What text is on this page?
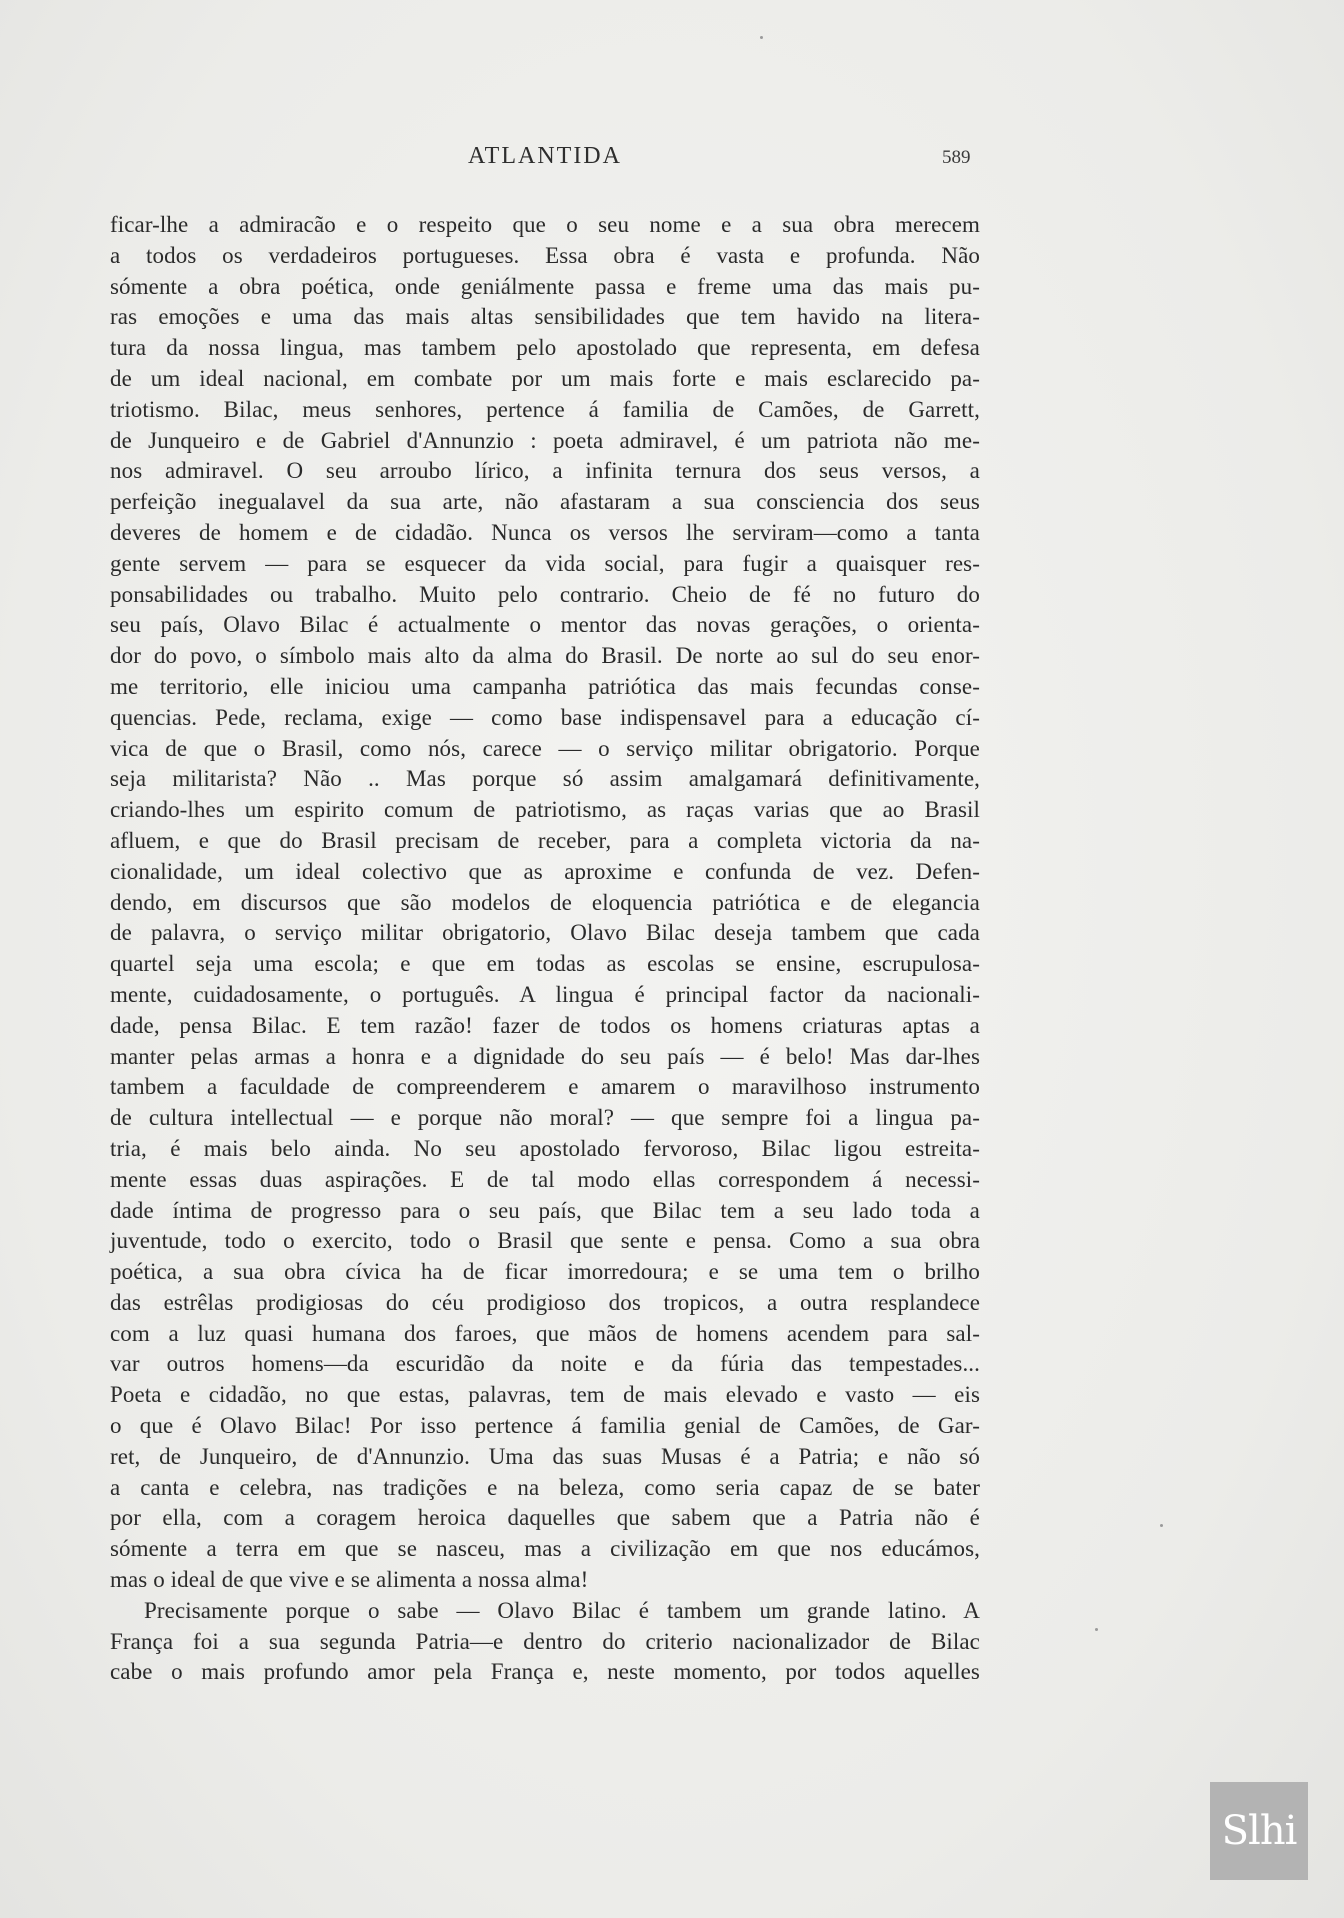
ATLANTIDA	589
ficar-lhe a admiracão e o respeito que o seu nome e a sua obra merecem
a todos os verdadeiros portugueses. Essa obra é vasta e profunda. Não
sómente a obra poética, onde geniálmente passa e freme uma das mais pu-
ras emoções e uma das mais altas sensibilidades que tem havido na litera-
tura da nossa lingua, mas tambem pelo apostolado que representa, em defesa
de um ideal nacional, em combate por um mais forte e mais esclarecido pa-
triotismo. Bilac, meus senhores, pertence á familia de Camões, de Garrett,
de Junqueiro e de Gabriel d'Annunzio : poeta admiravel, é um patriota não me-
nos admiravel. O seu arroubo lírico, a infinita ternura dos seus versos, a
perfeição inegualavel da sua arte, não afastaram a sua consciencia dos seus
deveres de homem e de cidadão. Nunca os versos lhe serviram—como a tanta
gente servem — para se esquecer da vida social, para fugir a quaisquer res-
ponsabilidades ou trabalho. Muito pelo contrario. Cheio de fé no futuro do
seu país, Olavo Bilac é actualmente o mentor das novas gerações, o orienta-
dor do povo, o símbolo mais alto da alma do Brasil. De norte ao sul do seu enor-
me territorio, elle iniciou uma campanha patriótica das mais fecundas conse-
quencias. Pede, reclama, exige — como base indispensavel para a educação cí-
vica de que o Brasil, como nós, carece — o serviço militar obrigatorio. Porque
seja militarista? Não .. Mas porque só assim amalgamará definitivamente,
criando-lhes um espirito comum de patriotismo, as raças varias que ao Brasil
afluem, e que do Brasil precisam de receber, para a completa victoria da na-
cionalidade, um ideal colectivo que as aproxime e confunda de vez. Defen-
dendo, em discursos que são modelos de eloquencia patriótica e de elegancia
de palavra, o serviço militar obrigatorio, Olavo Bilac deseja tambem que cada
quartel seja uma escola; e que em todas as escolas se ensine, escrupulosa-
mente, cuidadosamente, o português. A lingua é principal factor da nacionali-
dade, pensa Bilac. E tem razão! fazer de todos os homens criaturas aptas a
manter pelas armas a honra e a dignidade do seu país — é belo! Mas dar-lhes
tambem a faculdade de compreenderem e amarem o maravilhoso instrumento
de cultura intellectual — e porque não moral? — que sempre foi a lingua pa-
tria, é mais belo ainda. No seu apostolado fervoroso, Bilac ligou estreita-
mente essas duas aspirações. E de tal modo ellas correspondem á necessi-
dade íntima de progresso para o seu país, que Bilac tem a seu lado toda a
juventude, todo o exercito, todo o Brasil que sente e pensa. Como a sua obra
poética, a sua obra cívica ha de ficar imorredoura; e se uma tem o brilho
das estrêlas prodigiosas do céu prodigioso dos tropicos, a outra resplandece
com a luz quasi humana dos faroes, que mãos de homens acendem para sal-
var outros homens—da escuridão da noite e da fúria das tempestades...
Poeta e cidadão, no que estas, palavras, tem de mais elevado e vasto — eis
o que é Olavo Bilac! Por isso pertence á familia genial de Camões, de Gar-
ret, de Junqueiro, de d'Annunzio. Uma das suas Musas é a Patria; e não só
a canta e celebra, nas tradições e na beleza, como seria capaz de se bater
por ella, com a coragem heroica daquelles que sabem que a Patria não é
sómente a terra em que se nasceu, mas a civilização em que nos educámos,
mas o ideal de que vive e se alimenta a nossa alma!
Precisamente porque o sabe — Olavo Bilac é tambem um grande latino. A
França foi a sua segunda Patria—e dentro do criterio nacionalizador de Bilac
cabe o mais profundo amor pela França e, neste momento, por todos aquelles
Slhi
